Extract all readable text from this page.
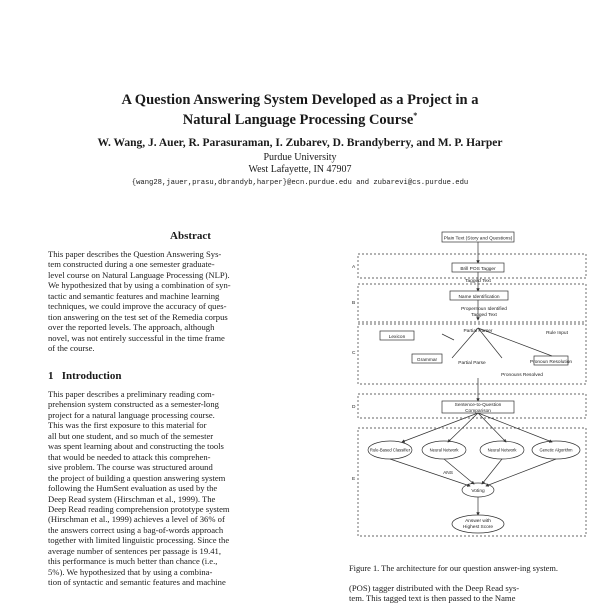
A Question Answering System Developed as a Project in a
Natural Language Processing Course*
W. Wang, J. Auer, R. Parasuraman, I. Zubarev, D. Brandyberry, and M. P. Harper
Purdue University
West Lafayette, IN 47907
{wang28,jauer,prasu,dbrandyb,harper}@ecn.purdue.edu and zubarevi@cs.purdue.edu
Abstract
This paper describes the Question Answering Sys-
tem constructed during a one semester graduate-
level course on Natural Language Processing (NLP).
We hypothesized that by using a combination of syn-
tactic and semantic features and machine learning
techniques, we could improve the accuracy of ques-
tion answering on the test set of the Remedia corpus
over the reported levels. The approach, although
novel, was not entirely successful in the time frame
of the course.
1 Introduction
This paper describes a preliminary reading com-
prehension system constructed as a semester-long
project for a natural language processing course.
This was the first exposure to this material for
all but one student, and so much of the semester
was spent learning about and constructing the tools
that would be needed to attack this comprehen-
sive problem. The course was structured around
the project of building a question answering system
following the HumSent evaluation as used by the
Deep Read system (Hirschman et al., 1999). The
Deep Read reading comprehension prototype system
(Hirschman et al., 1999) achieves a level of 36% of
the answers correct using a bag-of-words approach
together with limited linguistic processing. Since the
average number of sentences per passage is 19.41,
this performance is much better than chance (i.e.,
5%). We hypothesized that by using a combina-
tion of syntactic and semantic features and machine
Plain Text (Story and Questions)
Brill POS Tagger
Tagged Text
Name Identification
Propernoun Identified
Tagged Text
Partial Parser
Lexicon
Grammar
Partial Parse	Pronoun Resolution
Pronouns Resolved
Rule Input
Sentence-to-Question
Comparison
Rule-Based Classifier	Neural Network	Neural Network	Genetic Algorithm
ANS
Voting
Answer with
Highest Score
A
B
C
D
E
Figure 1. The architecture for our question answer-ing system.
(POS) tagger distributed with the Deep Read sys-
tem. This tagged text is then passed to the Name
